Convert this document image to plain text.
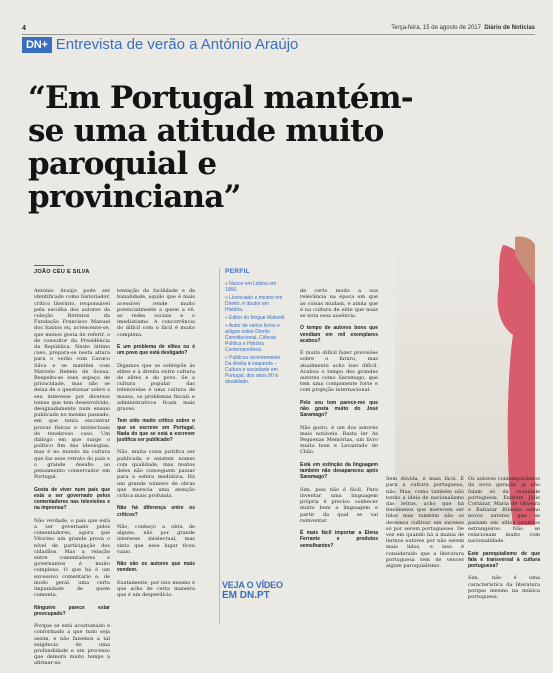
4	Terça-feira, 15 de agosto de 2017 Diário de Notícias
DN+ Entrevista de verão a António Araújo
“Em Portugal mantém-se uma atitude muito paroquial e provinciana”
JOÃO CÉU E SILVA

António Araújo pode ser identificado como historiador, crítico literário, responsável pela escolha dos autores da coleção Retratos da Fundação Francisco Manuel dos Santos ou, acrescente-se, que menos gosta de referir, o de consultor da Presidência da República. Neste último caso, prepara-se nesta altura para o verão com Cavaco Silva e se mantém com Marcelo Rebelo de Sousa. Respeita-se esse espaço de privacidade, mas não se deixa de o questionar sobre o seu interesse por diversos temas que tem desenvolvido, designadamente num ensaio publicado no mesmo passado, em que tenta encontrar provas físicas e intelectuais do tenebroso caso. Um diálogo em que surge o político fim das ideologias, mas é no mundo da cultura que faz esse retrato do país e o grande desafio ao pensamento conservador em Portugal.

Gosta de viver num país que está a ser governado pelos comentadores nas televisões e na imprensa?

Não verdade, o país que está a ser governado pelos comentadores, agora que Vitorino um grande prova o nível de participação dos cidadãos. Mas a relação entre comentadores e governantes é muito complexa. O que há é um excessivo comentário e, de modo geral, uma certa impunidade de quem comenta.

Ninguém parece estar preocupado?

Porque se está acostumado e conformado a que tudo seja assim, e não fazemos a tal exigência de uma profundidade e um processo que demora muito tempo a afirmar-se.

tentação da facilidade e da banalidade, aquilo que é mais acessível rende muito potencialmente a quem a vê, as redes sociais e o imediatismo. A concorrência do difícil com o fácil é muito complexa.

E um problema de elites ou é um povo que está desligado?

Digamos que se sobrepõe às elites e à direita entre cultura de elites e do povo. Se a cultura popular das telenovelas é uma cultura de massa, os problemas fiscais e administrativos ficam mais graves.

Tem sido muito crítico sobre o que se escreve em Portugal. Nada do que se está a escrever justifica ser publicado?

Não, muita coisa justifica ser publicada e existem nomes com qualidade, mas muitos deles não conseguem passar para a esfera mediática. Há um grande número de obras que merecia uma atenção crítica mais profunda.

Não há diferença entre os críticos?

Não, conheço a obra de alguns, não por grande interesse intelectual, mas sinto que esse lugar ficou vazio.

Não são os autores que mais vendem.

Exatamente, por isso mesmo é que acho de certa maneira que é um desperdício.

PERFIL

» Nasce em Lisboa em 1966.

» Licenciado e mestre em Direito, é doutor em História.

» Editor do blogue Malomil.

» Autor de vários livros e artigos sobre Direito Constitucional, Ciência Política e História Contemporânea.

» Publicou recentemente Da direita à esquerda – Cultura e sociedade em Portugal, dos anos 80 à atualidade.

VEJA O VÍDEO
EM DN.PT

de certo modo a sua relevância na época em que as coisas mudam, e ainda que é na cultura de elite que mais se nota essa ausência.

O tempo de autores bons que vendiam em mil exemplares acabou?

É muito difícil fazer previsões sobre o futuro, mas atualmente acho isso difícil. Acabou o tempo dos grandes autores como Saramago, que tem uma componente forte e com projeção internacional.

Pelo seu tom parece-me que não gosta muito do José Saramago?

Não gosto, é um dos autores mais notáveis. Basta ler As Pequenas Memórias, um livro muito bom e Levantado do Chão.

Está em extinção da linguagem também não desapareceu após Saramago?

Sim, pois não é fácil. Para inventar uma linguagem própria é preciso conhecer muito bem a linguagem e partir da qual se vai reinventar.

É mais fácil importar a Elena Ferrante e produtos semelhantes?

Sem dúvida, é mais fácil. E para a cultura portuguesa, não. Mas, como também não tenho a ideia de nacionalismo das letras, acho que há fenómenos que merecem ser lidos mas também não os devemos cultivar em excesso só por serem portugueses. De vez em quando há a mania de lermos autores por não serem mais lidos, e isso é considerado que a literatura portuguesa tem de vencer algum paroquialismo.

Os autores contemporâneos da nova geração já não falam só da realidade portuguesa. Existem Júlio Cortázar, Maria de Oliveira e Baltazar Bibiano como novos autores que se passam em sítios cenários estrangeiros. Não se relacionam muito com nacionalidade.

Este paroquialismo de que fala é transversal à cultura portuguesa?

Sim, não é uma característica da literatura porque mesmo na música portuguesa.
